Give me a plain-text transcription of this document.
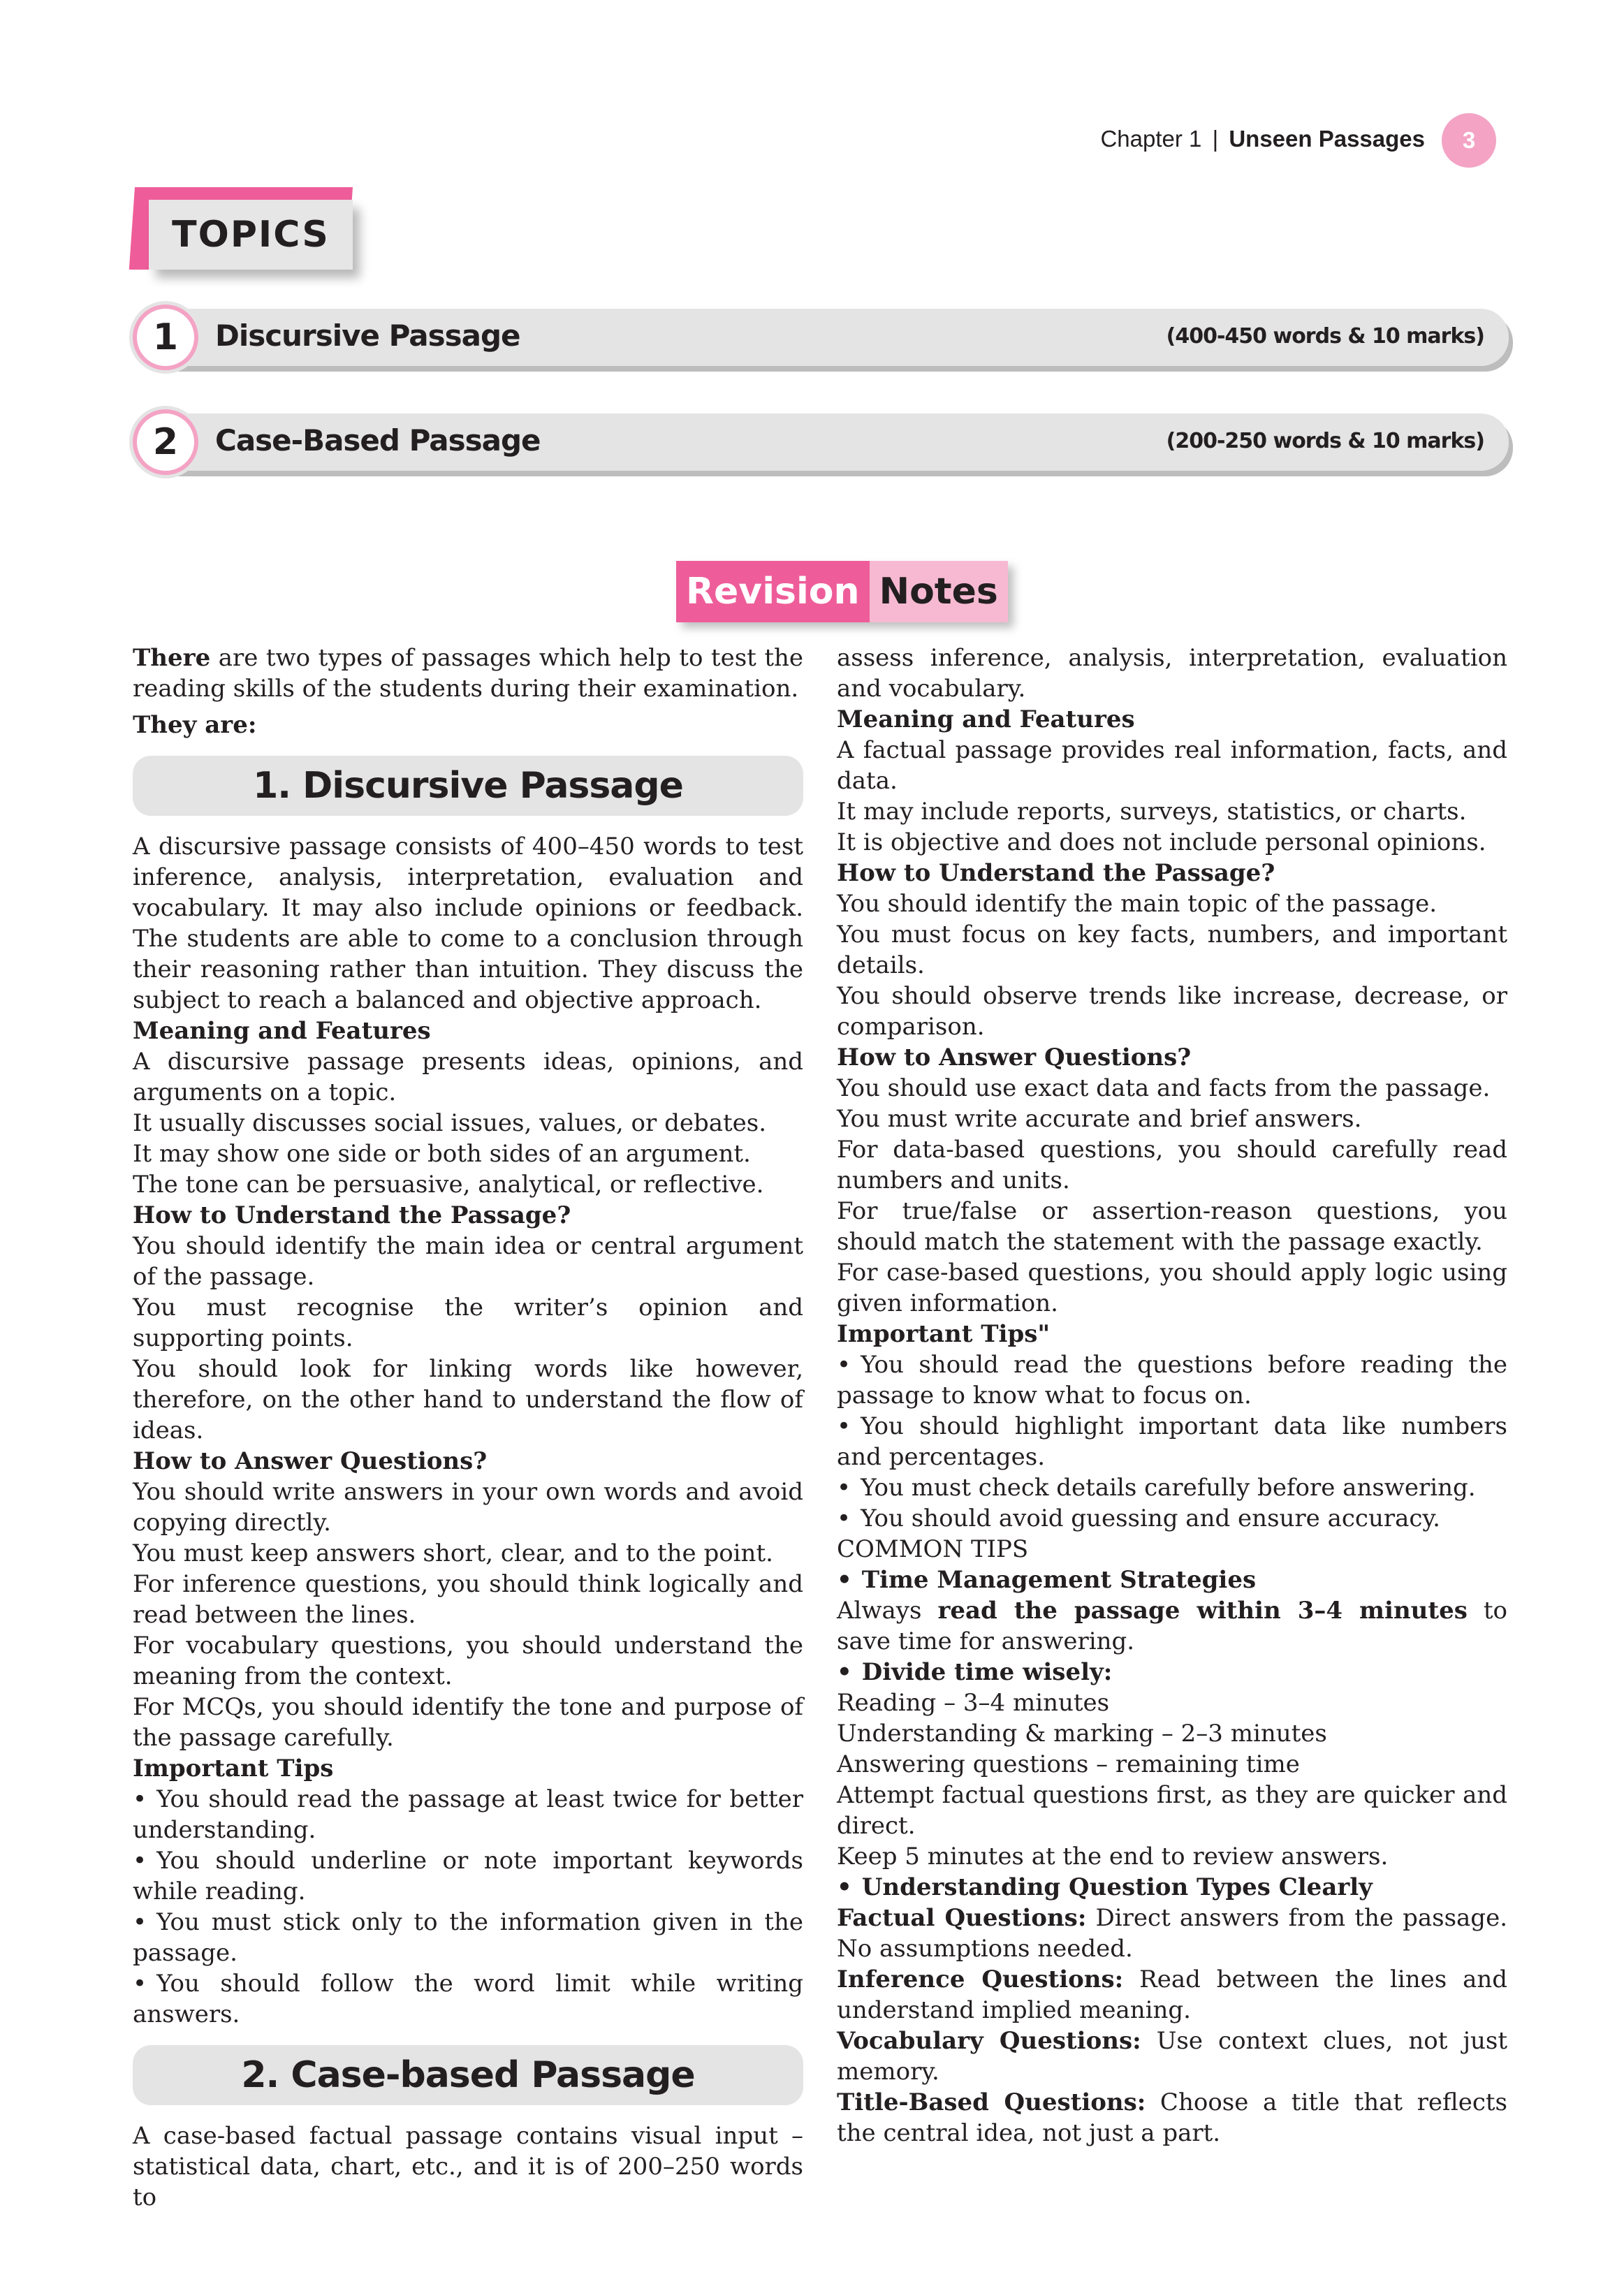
Chapter 1 | Unseen Passages	3
TOPICS
1	Discursive Passage	(400-450 words & 10 marks)
2	Case-Based Passage	(200-250 words & 10 marks)
Revision Notes

There are two types of passages which help to test the reading skills of the students during their examination.

They are:

1. Discursive Passage

A discursive passage consists of 400–450 words to test inference, analysis, interpretation, evaluation and vocabulary. It may also include opinions or feedback. The students are able to come to a conclusion through their reasoning rather than intuition. They discuss the subject to reach a balanced and objective approach.

Meaning and Features

A discursive passage presents ideas, opinions, and arguments on a topic.

It usually discusses social issues, values, or debates.

It may show one side or both sides of an argument.

The tone can be persuasive, analytical, or reflective.

How to Understand the Passage?

You should identify the main idea or central argument of the passage.

You must recognise the writer’s opinion and supporting points.

You should look for linking words like however, therefore, on the other hand to understand the flow of ideas.

How to Answer Questions?

You should write answers in your own words and avoid copying directly.

You must keep answers short, clear, and to the point.

For inference questions, you should think logically and read between the lines.

For vocabulary questions, you should understand the meaning from the context.

For MCQs, you should identify the tone and purpose of the passage carefully.

Important Tips

• You should read the passage at least twice for better understanding.

• You should underline or note important keywords while reading.

• You must stick only to the information given in the passage.

• You should follow the word limit while writing answers.

2. Case-based Passage

A case-based factual passage contains visual input – statistical data, chart, etc., and it is of 200–250 words to

assess inference, analysis, interpretation, evaluation and vocabulary.

Meaning and Features

A factual passage provides real information, facts, and data.

It may include reports, surveys, statistics, or charts.

It is objective and does not include personal opinions.

How to Understand the Passage?

You should identify the main topic of the passage.

You must focus on key facts, numbers, and important details.

You should observe trends like increase, decrease, or comparison.

How to Answer Questions?

You should use exact data and facts from the passage.

You must write accurate and brief answers.

For data-based questions, you should carefully read numbers and units.

For true/false or assertion-reason questions, you should match the statement with the passage exactly.

For case-based questions, you should apply logic using given information.

Important Tips"

• You should read the questions before reading the passage to know what to focus on.

• You should highlight important data like numbers and percentages.

• You must check details carefully before answering.

• You should avoid guessing and ensure accuracy.

COMMON TIPS

• Time Management Strategies

Always read the passage within 3–4 minutes to save time for answering.

• Divide time wisely:

Reading – 3–4 minutes

Understanding & marking – 2–3 minutes

Answering questions – remaining time

Attempt factual questions first, as they are quicker and direct.

Keep 5 minutes at the end to review answers.

• Understanding Question Types Clearly

Factual Questions: Direct answers from the passage. No assumptions needed.

Inference Questions: Read between the lines and understand implied meaning.

Vocabulary Questions: Use context clues, not just memory.

Title-Based Questions: Choose a title that reflects the central idea, not just a part.
